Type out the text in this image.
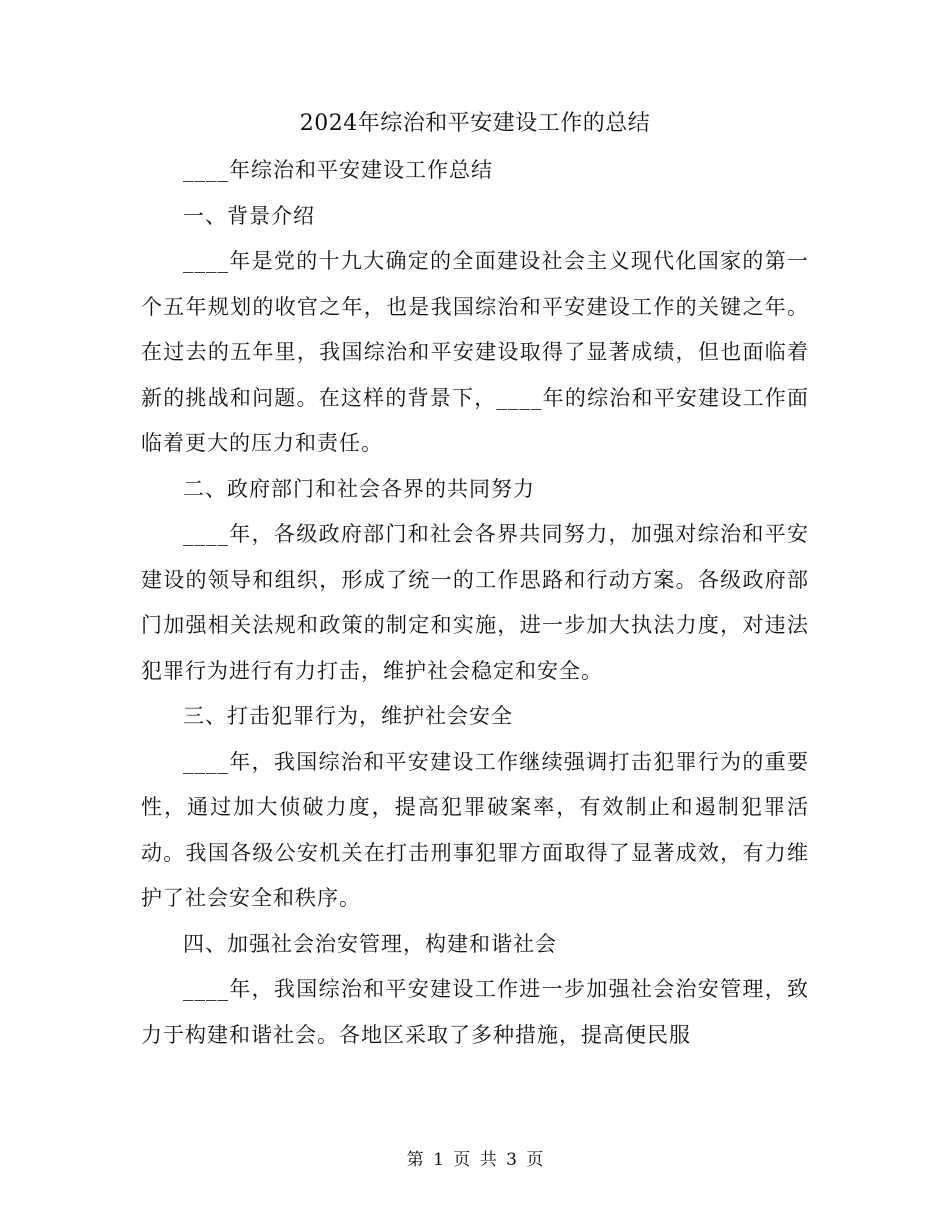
2024年综治和平安建设工作的总结

____年综治和平安建设工作总结

一、背景介绍

____年是党的十九大确定的全面建设社会主义现代化国家的第一个五年规划的收官之年，也是我国综治和平安建设工作的关键之年。在过去的五年里，我国综治和平安建设取得了显著成绩，但也面临着新的挑战和问题。在这样的背景下，____年的综治和平安建设工作面临着更大的压力和责任。

二、政府部门和社会各界的共同努力

____年，各级政府部门和社会各界共同努力，加强对综治和平安建设的领导和组织，形成了统一的工作思路和行动方案。各级政府部门加强相关法规和政策的制定和实施，进一步加大执法力度，对违法犯罪行为进行有力打击，维护社会稳定和安全。

三、打击犯罪行为，维护社会安全

____年，我国综治和平安建设工作继续强调打击犯罪行为的重要性，通过加大侦破力度，提高犯罪破案率，有效制止和遏制犯罪活动。我国各级公安机关在打击刑事犯罪方面取得了显著成效，有力维护了社会安全和秩序。

四、加强社会治安管理，构建和谐社会

____年，我国综治和平安建设工作进一步加强社会治安管理，致力于构建和谐社会。各地区采取了多种措施，提高便民服

第 1 页 共 3 页
